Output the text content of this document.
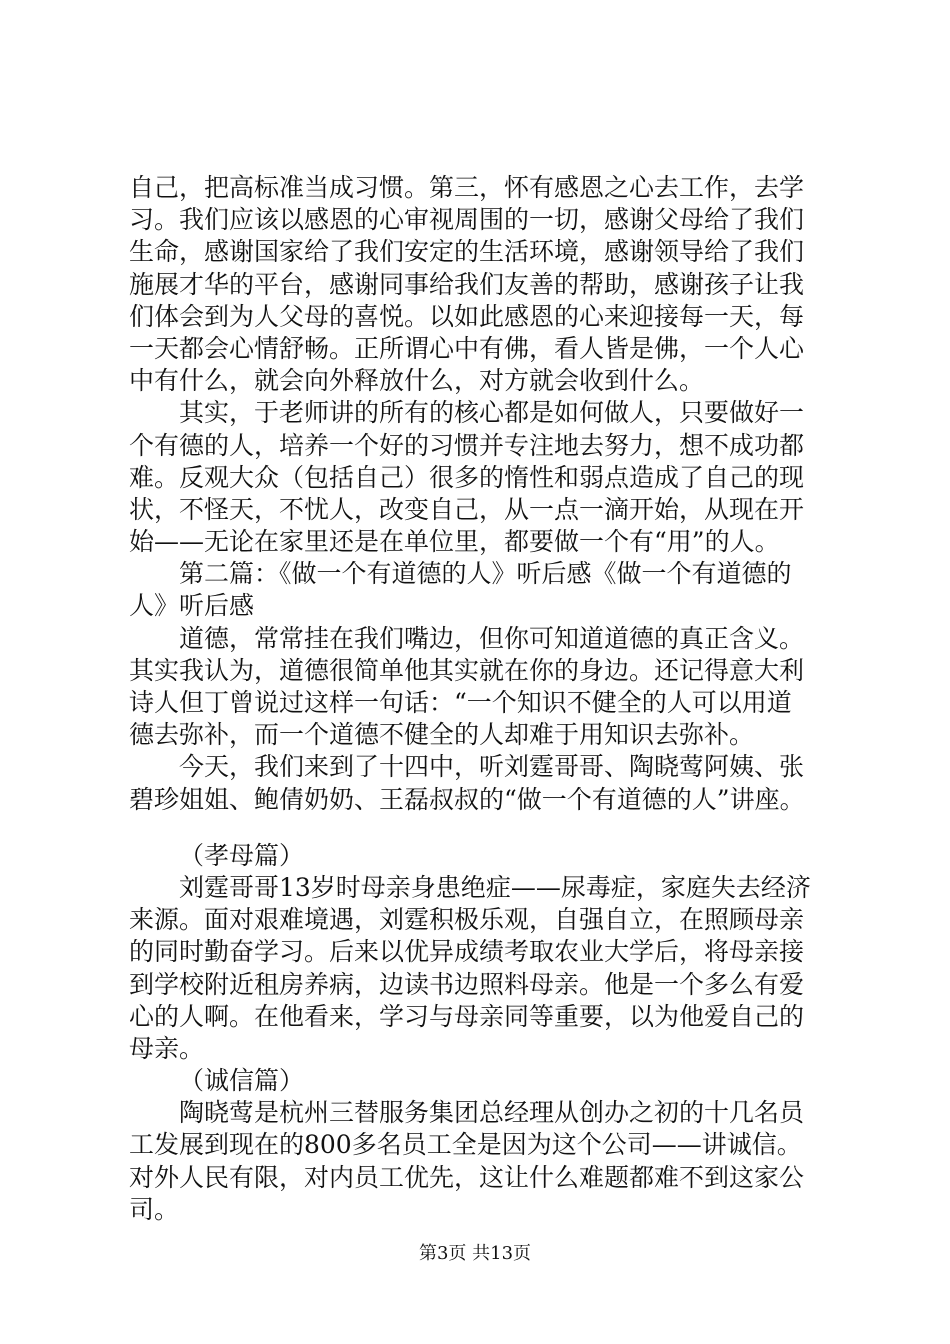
自己，把高标准当成习惯。第三，怀有感恩之心去工作，去学
习。我们应该以感恩的心审视周围的一切，感谢父母给了我们
生命，感谢国家给了我们安定的生活环境，感谢领导给了我们
施展才华的平台，感谢同事给我们友善的帮助，感谢孩子让我
们体会到为人父母的喜悦。以如此感恩的心来迎接每一天，每
一天都会心情舒畅。正所谓心中有佛，看人皆是佛，一个人心
中有什么，就会向外释放什么，对方就会收到什么。
其实，于老师讲的所有的核心都是如何做人，只要做好一
个有德的人，培养一个好的习惯并专注地去努力，想不成功都
难。反观大众（包括自己）很多的惰性和弱点造成了自己的现
状，不怪天，不忧人，改变自己，从一点一滴开始，从现在开
始——无论在家里还是在单位里，都要做一个有“用”的人。
第二篇：《做一个有道德的人》听后感《做一个有道德的
人》听后感
道德，常常挂在我们嘴边，但你可知道道德的真正含义。
其实我认为，道德很简单他其实就在你的身边。还记得意大利
诗人但丁曾说过这样一句话：“一个知识不健全的人可以用道
德去弥补，而一个道德不健全的人却难于用知识去弥补。
今天，我们来到了十四中，听刘霆哥哥、陶晓莺阿姨、张
碧珍姐姐、鲍倩奶奶、王磊叔叔的“做一个有道德的人”讲座。
（孝母篇）
刘霆哥哥13岁时母亲身患绝症——尿毒症，家庭失去经济
来源。面对艰难境遇，刘霆积极乐观，自强自立，在照顾母亲
的同时勤奋学习。后来以优异成绩考取农业大学后，将母亲接
到学校附近租房养病，边读书边照料母亲。他是一个多么有爱
心的人啊。在他看来，学习与母亲同等重要，以为他爱自己的
母亲。
（诚信篇）
陶晓莺是杭州三替服务集团总经理从创办之初的十几名员
工发展到现在的800多名员工全是因为这个公司——讲诚信。
对外人民有限，对内员工优先，这让什么难题都难不到这家公
司。
第3页 共13页
